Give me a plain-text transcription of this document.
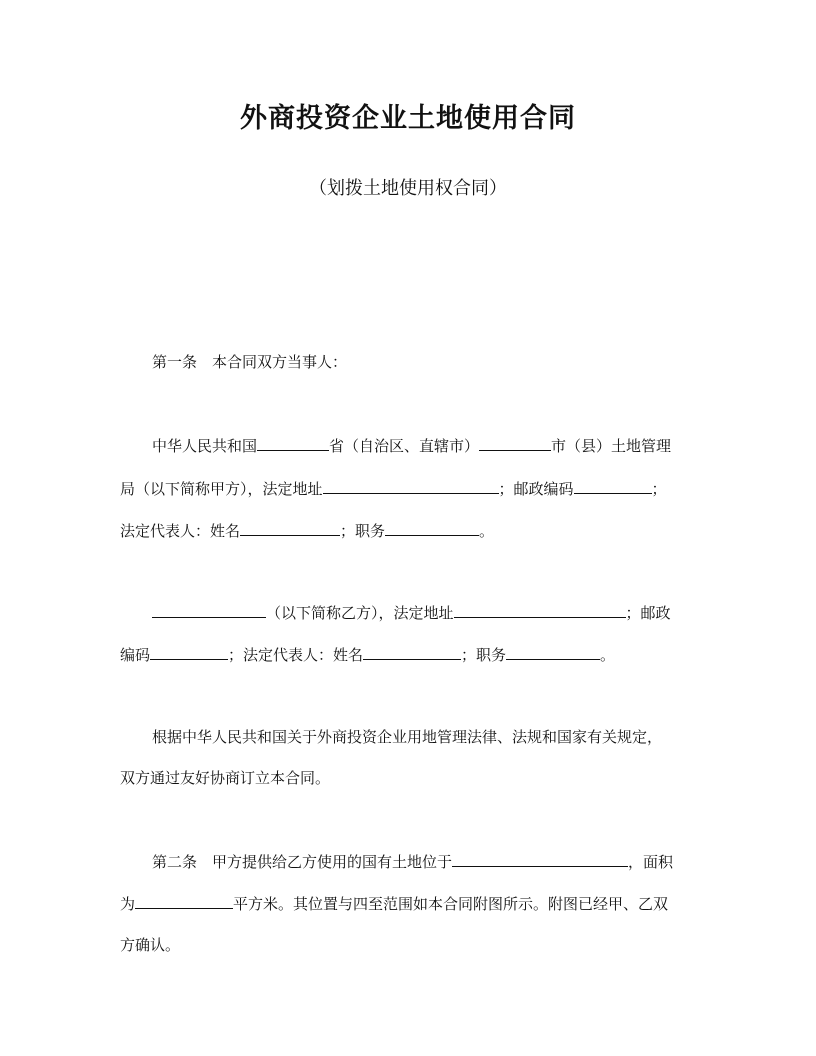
外商投资企业土地使用合同
（划拨土地使用权合同）
第一条　本合同双方当事人：
中华人民共和国	省（自治区、直辖市）	市（县）土地管理
局（以下简称甲方），法定地址	；邮政编码	；
法定代表人：姓名	；职务	。
（以下简称乙方），法定地址	；邮政
编码	；法定代表人：姓名	；职务	。
根据中华人民共和国关于外商投资企业用地管理法律、法规和国家有关规定，
双方通过友好协商订立本合同。
第二条　甲方提供给乙方使用的国有土地位于	，面积
为	平方米。其位置与四至范围如本合同附图所示。附图已经甲、乙双
方确认。
